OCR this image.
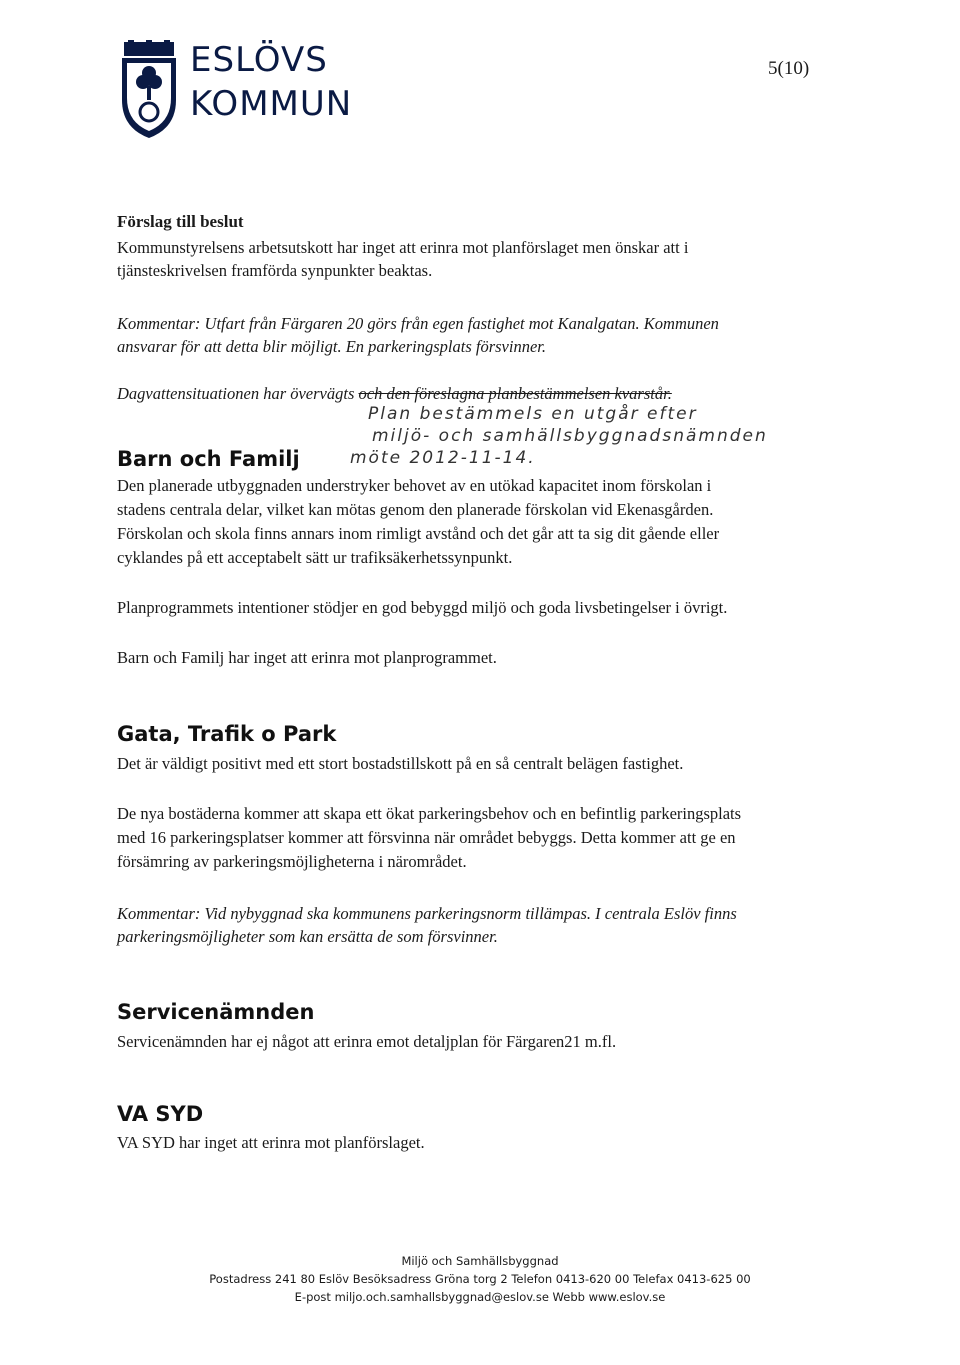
ESLÖVS
KOMMUN
5(10)
Förslag till beslut
Kommunstyrelsens arbetsutskott har inget att erinra mot planförslaget men önskar att i
tjänsteskrivelsen framförda synpunkter beaktas.
Kommentar: Utfart från Färgaren 20 görs från egen fastighet mot Kanalgatan. Kommunen
ansvarar för att detta blir möjligt. En parkeringsplats försvinner.
Dagvattensituationen har övervägts och den föreslagna planbestämmelsen kvarstår.
Plan bestämmels en utgår efter
miljö- och samhällsbyggnadsnämnden
möte 2012-11-14.
Barn och Familj
Den planerade utbyggnaden understryker behovet av en utökad kapacitet inom förskolan i
stadens centrala delar, vilket kan mötas genom den planerade förskolan vid Ekenasgården.
Förskolan och skola finns annars inom rimligt avstånd och det går att ta sig dit gående eller
cyklandes på ett acceptabelt sätt ur trafiksäkerhetssynpunkt.
Planprogrammets intentioner stödjer en god bebyggd miljö och goda livsbetingelser i övrigt.
Barn och Familj har inget att erinra mot planprogrammet.
Gata, Trafik o Park
Det är väldigt positivt med ett stort bostadstillskott på en så centralt belägen fastighet.
De nya bostäderna kommer att skapa ett ökat parkeringsbehov och en befintlig parkeringsplats
med 16 parkeringsplatser kommer att försvinna när området bebyggs. Detta kommer att ge en
försämring av parkeringsmöjligheterna i närområdet.
Kommentar: Vid nybyggnad ska kommunens parkeringsnorm tillämpas. I centrala Eslöv finns
parkeringsmöjligheter som kan ersätta de som försvinner.
Servicenämnden
Servicenämnden har ej något att erinra emot detaljplan för Färgaren21 m.fl.
VA SYD
VA SYD har inget att erinra mot planförslaget.
Miljö och Samhällsbyggnad
Postadress 241 80 Eslöv Besöksadress Gröna torg 2 Telefon 0413-620 00 Telefax 0413-625 00
E-post miljo.och.samhallsbyggnad@eslov.se Webb www.eslov.se
